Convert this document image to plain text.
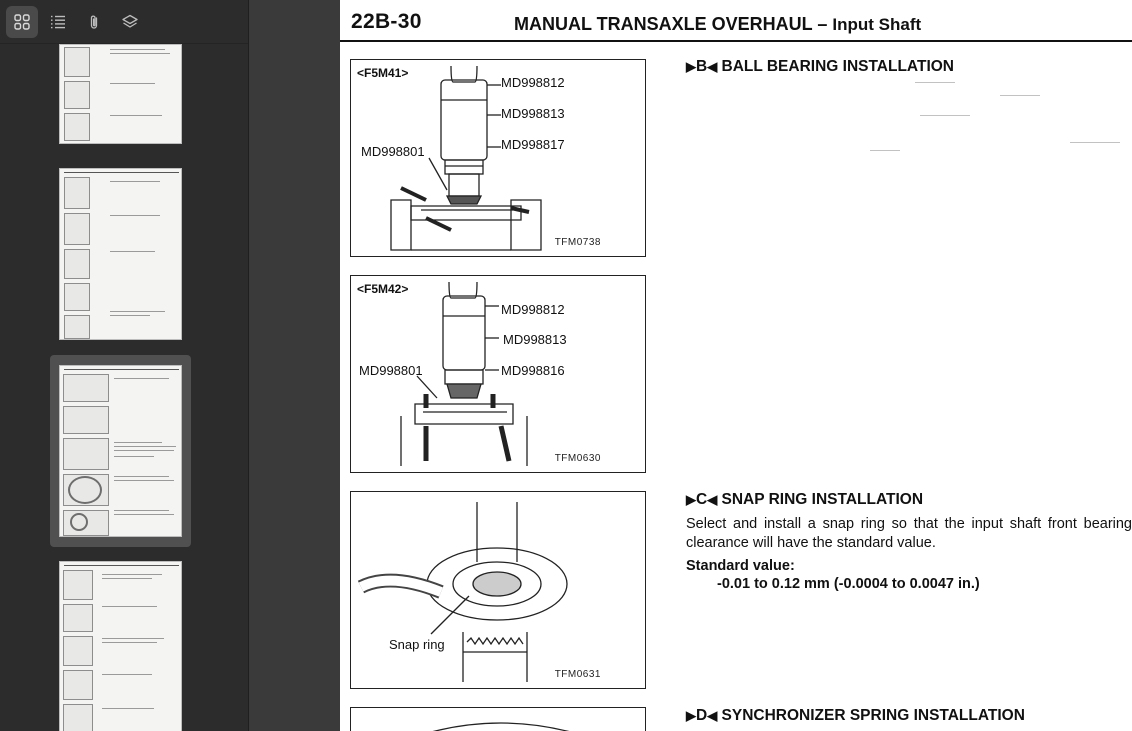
22B-30	MANUAL TRANSAXLE OVERHAUL – Input Shaft
<F5M41>
MD998812
MD998813
MD998817
MD998801
TFM0738
<F5M42>
MD998812
MD998813
MD998816
MD998801
TFM0630
Snap ring
TFM0631
▶B◀ BALL BEARING INSTALLATION
▶C◀ SNAP RING INSTALLATION
Select and install a snap ring so that the input shaft front bearing clearance will have the standard value.
Standard value:
-0.01 to 0.12 mm (-0.0004 to 0.0047 in.)
▶D◀ SYNCHRONIZER SPRING INSTALLATION
